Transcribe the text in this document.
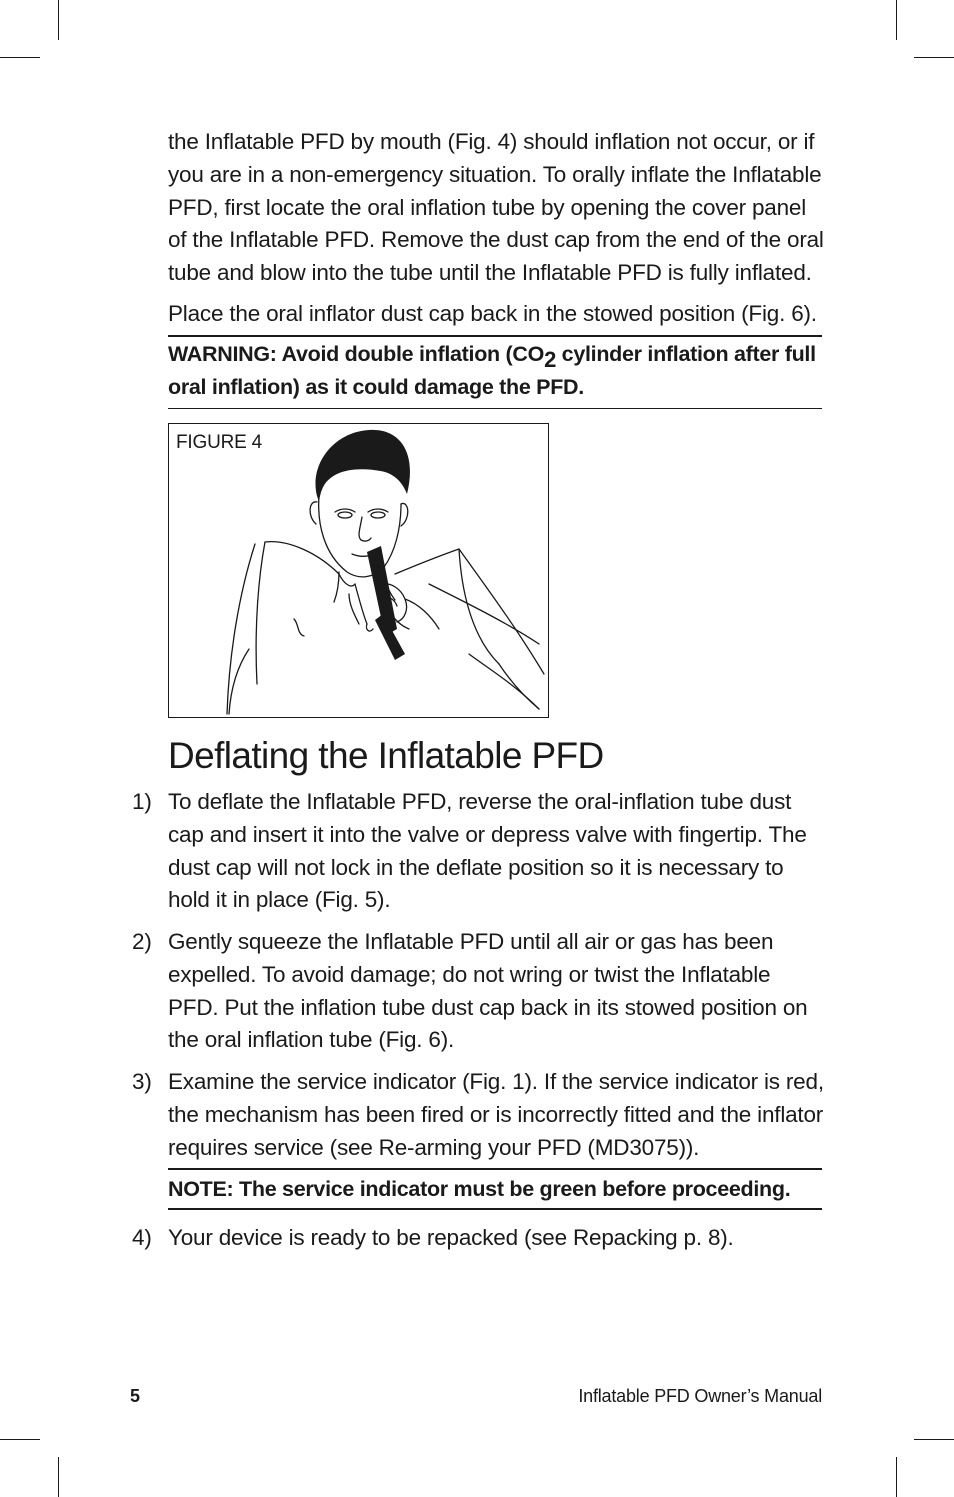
the Inflatable PFD by mouth (Fig. 4) should inflation not occur, or if you are in a non-emergency situation. To orally inflate the Inflatable PFD, first locate the oral inflation tube by opening the cover panel of the Inflatable PFD. Remove the dust cap from the end of the oral tube and blow into the tube until the Inflatable PFD is fully inflated.
Place the oral inflator dust cap back in the stowed position (Fig. 6).
WARNING: Avoid double inflation ($CO_2$ cylinder inflation after full oral inflation) as it could damage the PFD.
FIGURE 4
Deflating the Inflatable PFD
1) To deflate the Inflatable PFD, reverse the oral-inflation tube dust cap and insert it into the valve or depress valve with fingertip. The dust cap will not lock in the deflate position so it is necessary to hold it in place (Fig. 5).
2) Gently squeeze the Inflatable PFD until all air or gas has been expelled. To avoid damage; do not wring or twist the Inflatable PFD. Put the inflation tube dust cap back in its stowed position on the oral inflation tube (Fig. 6).
3) Examine the service indicator (Fig. 1). If the service indicator is red, the mechanism has been fired or is incorrectly fitted and the inflator requires service (see Re-arming your PFD (MD3075)).
NOTE: The service indicator must be green before proceeding.
4) Your device is ready to be repacked (see Repacking p. 8).
5	Inflatable PFD Owner’s Manual
